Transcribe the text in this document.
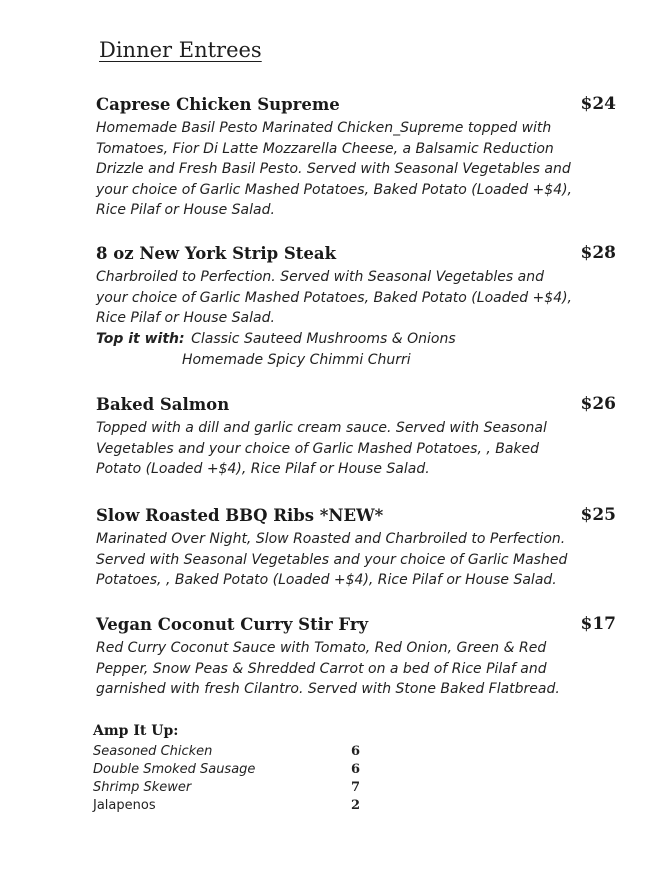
Dinner Entrees
Caprese Chicken Supreme	$24
Homemade Basil Pesto Marinated Chicken_Supreme topped with
Tomatoes, Fior Di Latte Mozzarella Cheese, a Balsamic Reduction
Drizzle and Fresh Basil Pesto. Served with Seasonal Vegetables and
your choice of Garlic Mashed Potatoes, Baked Potato (Loaded +$4),
Rice Pilaf or House Salad.
8 oz New York Strip Steak	$28
Charbroiled to Perfection. Served with Seasonal Vegetables and
your choice of Garlic Mashed Potatoes, Baked Potato (Loaded +$4),
Rice Pilaf or House Salad.
Top it with: Classic Sauteed Mushrooms & Onions
Homemade Spicy Chimmi Churri
Baked Salmon	$26
Topped with a dill and garlic cream sauce. Served with Seasonal
Vegetables and your choice of Garlic Mashed Potatoes, , Baked
Potato (Loaded +$4), Rice Pilaf or House Salad.
Slow Roasted BBQ Ribs *NEW*	$25
Marinated Over Night, Slow Roasted and Charbroiled to Perfection.
Served with Seasonal Vegetables and your choice of Garlic Mashed
Potatoes, , Baked Potato (Loaded +$4), Rice Pilaf or House Salad.
Vegan Coconut Curry Stir Fry	$17
Red Curry Coconut Sauce with Tomato, Red Onion, Green & Red
Pepper, Snow Peas & Shredded Carrot on a bed of Rice Pilaf and
garnished with fresh Cilantro. Served with Stone Baked Flatbread.
Amp It Up:
Seasoned Chicken	6
Double Smoked Sausage	6
Shrimp Skewer	7
Jalapenos	2
